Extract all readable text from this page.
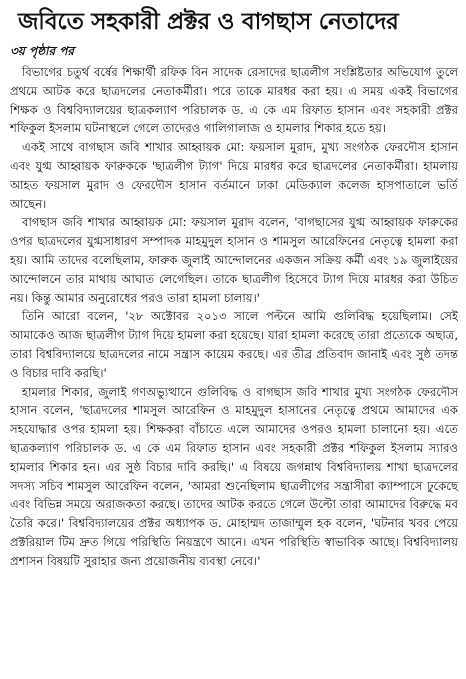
জবিতে সহকারী প্রক্টর ও বাগছাস নেতাদের
৩য় পৃষ্ঠার পর

বিভাগের চতুর্থ বর্ষের শিক্ষার্থী রফিক বিন সাদেক রেসাদের ছাত্রলীগ সংশ্লিষ্টতার অভিযোগ তুলে প্রথমে আটক করে ছাত্রদলের নেতাকর্মীরা। পরে তাকে মারধর করা হয়। এ সময় একই বিভাগের শিক্ষক ও বিশ্ববিদ্যালয়ের ছাত্রকল্যাণ পরিচালক ড. এ কে এম রিফাত হাসান এবং সহকারী প্রক্টর শফিকুল ইসলাম ঘটনাস্থলে গেলে তাদেরও গালিগালাজ ও হামলার শিকার হতে হয়।

একই সাথে বাগছাস জবি শাখার আহ্বায়ক মো: ফয়সাল মুরাদ, মুখ্য সংগঠক ফেরদৌস হাসান এবং যুগ্ম আহ্বায়ক ফারুককে 'ছাত্রলীগ ট্যাগ' দিয়ে মারধর করে ছাত্রদলের নেতাকর্মীরা। হামলায় আহত ফয়সাল মুরাদ ও ফেরদৌস হাসান বর্তমানে ঢাকা মেডিক্যাল কলেজ হাসপাতালে ভর্তি আছেন।

বাগছাস জবি শাখার আহ্বায়ক মো: ফয়সাল মুরাদ বলেন, 'বাগছাসের যুগ্ম আহ্বায়ক ফারুকের ওপর ছাত্রদলের যুগ্মসাধারণ সম্পাদক মাহমুদুল হাসান ও শামসুল আরেফিনের নেতৃত্বে হামলা করা হয়। আমি তাদের বলেছিলাম, ফারুক জুলাই আন্দোলনের একজন সক্রিয় কর্মী এবং ১৯ জুলাইয়ের আন্দোলনে তার মাথায় আঘাত লেগেছিল। তাকে ছাত্রলীগ হিসেবে ট্যাগ দিয়ে মারধর করা উচিত নয়। কিন্তু আমার অনুরোধের পরও তারা হামলা চালায়।'

তিনি আরো বলেন, '২৮ অক্টোবর ২০১৩ সালে পল্টনে আমি গুলিবিদ্ধ হয়েছিলাম। সেই আমাকেও আজ ছাত্রলীগ ট্যাগ দিয়ে হামলা করা হয়েছে। যারা হামলা করেছে তারা প্রত্যেকে অছাত্র, তারা বিশ্ববিদ্যালয়ে ছাত্রদলের নামে সন্ত্রাস কায়েম করছে। এর তীব্র প্রতিবাদ জানাই এবং সুষ্ঠ তদন্ত ও বিচার দাবি করছি।'

হামলার শিকার, জুলাই গণঅভ্যুত্থানে গুলিবিদ্ধ ও বাগছাস জবি শাখার মুখ্য সংগঠক ফেরদৌস হাসান বলেন, 'ছাত্রদলের শামসুল আরেফিন ও মাহমুদুল হাসানের নেতৃত্বে প্রথমে আমাদের এক সহযোদ্ধার ওপর হামলা হয়। শিক্ষকরা বাঁচাতে এলে আমাদের ওপরও হামলা চালানো হয়। এতে ছাত্রকল্যাণ পরিচালক ড. এ কে এম রিফাত হাসান এবং সহকারী প্রক্টর শফিকুল ইসলাম স্যারও হামলার শিকার হন। এর সুষ্ঠ বিচার দাবি করছি।' এ বিষয়ে জগন্নাথ বিশ্ববিদ্যালয় শাখা ছাত্রদলের সদস্য সচিব শামসুল আরেফিন বলেন, 'আমরা শুনেছিলাম ছাত্রলীগের সন্ত্রাসীরা ক্যাম্পাসে ঢুকেছে এবং বিভিন্ন সময়ে অরাজকতা করছে। তাদের আটক করতে গেলে উল্টো তারা আমাদের বিরুদ্ধে মব তৈরি করে।' বিশ্ববিদ্যালয়ের প্রক্টর অধ্যাপক ড. মোহাম্মদ তাজাম্মুল হক বলেন, 'ঘটনার খবর পেয়ে প্রক্টরিয়াল টিম দ্রুত গিয়ে পরিস্থিতি নিয়ন্ত্রণে আনে। এখন পরিস্থিতি স্বাভাবিক আছে। বিশ্ববিদ্যালয় প্রশাসন বিষয়টি সুরাহার জন্য প্রয়োজনীয় ব্যবস্থা নেবে।'
